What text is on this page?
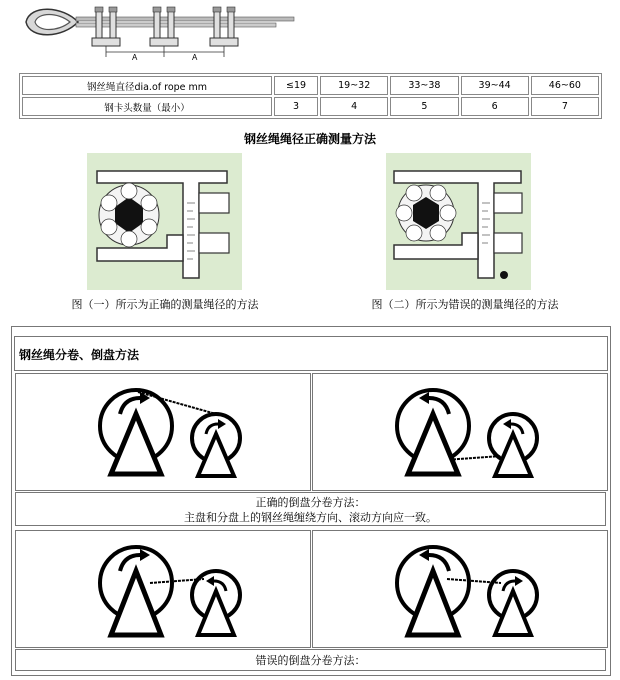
A	A
钢丝绳直径dia.of rope mm	≤19	19~32	33~38	39~44	46~60
钢卡头数量（最小）	3	4	5	6	7
钢丝绳绳径正确测量方法
图（一）所示为正确的测量绳径的方法	图（二）所示为错误的测量绳径的方法
钢丝绳分卷、倒盘方法
正确的倒盘分卷方法：
主盘和分盘上的钢丝绳缠绕方向、滚动方向应一致。
错误的倒盘分卷方法：
